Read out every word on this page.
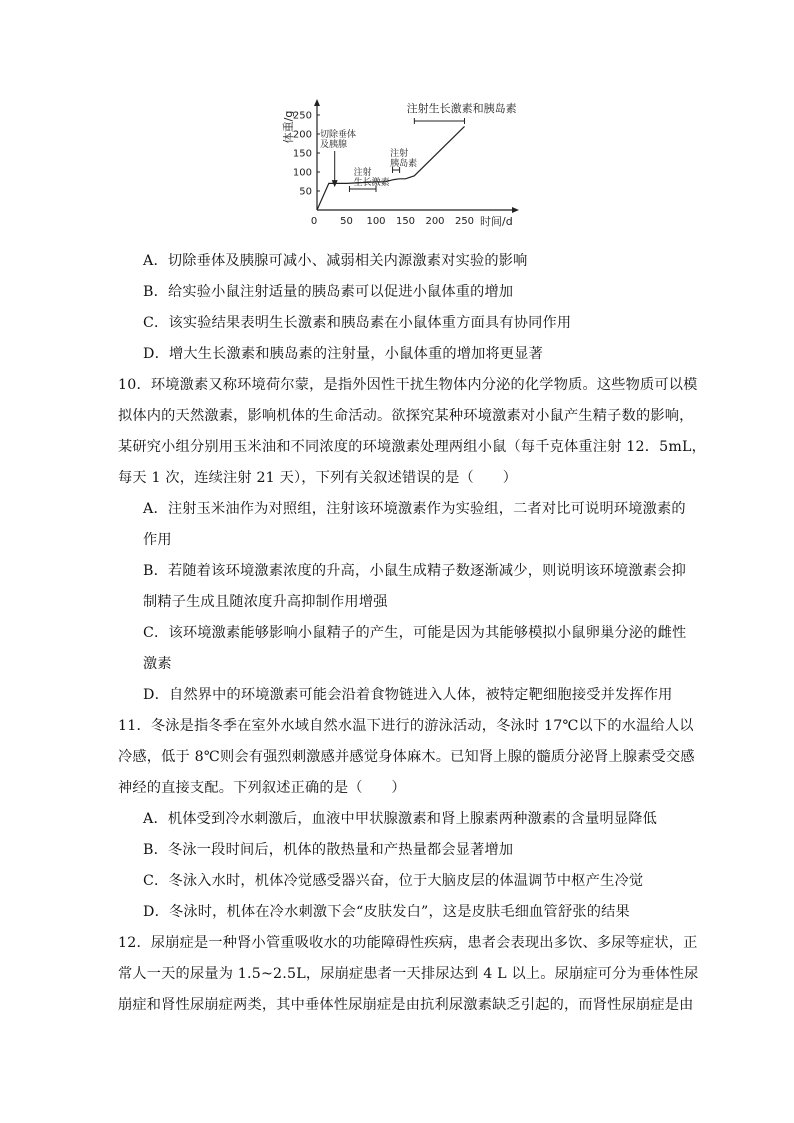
0 50 100 150 200 250
50
100
150
200
250
体重/g
时间/d
切除垂体
及胰腺
注射
生长激素
注射
胰岛素
注射生长激素和胰岛素
A．切除垂体及胰腺可减小、减弱相关内源激素对实验的影响
B．给实验小鼠注射适量的胰岛素可以促进小鼠体重的增加
C．该实验结果表明生长激素和胰岛素在小鼠体重方面具有协同作用
D．增大生长激素和胰岛素的注射量，小鼠体重的增加将更显著
10．环境激素又称环境荷尔蒙，是指外因性干扰生物体内分泌的化学物质。这些物质可以模
拟体内的天然激素，影响机体的生命活动。欲探究某种环境激素对小鼠产生精子数的影响，
某研究小组分别用玉米油和不同浓度的环境激素处理两组小鼠（每千克体重注射 12．5mL，
每天 1 次，连续注射 21 天），下列有关叙述错误的是（　　）
A．注射玉米油作为对照组，注射该环境激素作为实验组，二者对比可说明环境激素的
作用
B．若随着该环境激素浓度的升高，小鼠生成精子数逐渐减少，则说明该环境激素会抑
制精子生成且随浓度升高抑制作用增强
C．该环境激素能够影响小鼠精子的产生，可能是因为其能够模拟小鼠卵巢分泌的雌性
激素
D．自然界中的环境激素可能会沿着食物链进入人体，被特定靶细胞接受并发挥作用
11．冬泳是指冬季在室外水域自然水温下进行的游泳活动，冬泳时 17℃以下的水温给人以
冷感，低于 8℃则会有强烈刺激感并感觉身体麻木。已知肾上腺的髓质分泌肾上腺素受交感
神经的直接支配。下列叙述正确的是（　　）
A．机体受到冷水刺激后，血液中甲状腺激素和肾上腺素两种激素的含量明显降低
B．冬泳一段时间后，机体的散热量和产热量都会显著增加
C．冬泳入水时，机体冷觉感受器兴奋，位于大脑皮层的体温调节中枢产生冷觉
D．冬泳时，机体在冷水刺激下会“皮肤发白”，这是皮肤毛细血管舒张的结果
12．尿崩症是一种肾小管重吸收水的功能障碍性疾病，患者会表现出多饮、多尿等症状，正
常人一天的尿量为 1.5~2.5L，尿崩症患者一天排尿达到 4 L 以上。尿崩症可分为垂体性尿
崩症和肾性尿崩症两类，其中垂体性尿崩症是由抗利尿激素缺乏引起的，而肾性尿崩症是由
